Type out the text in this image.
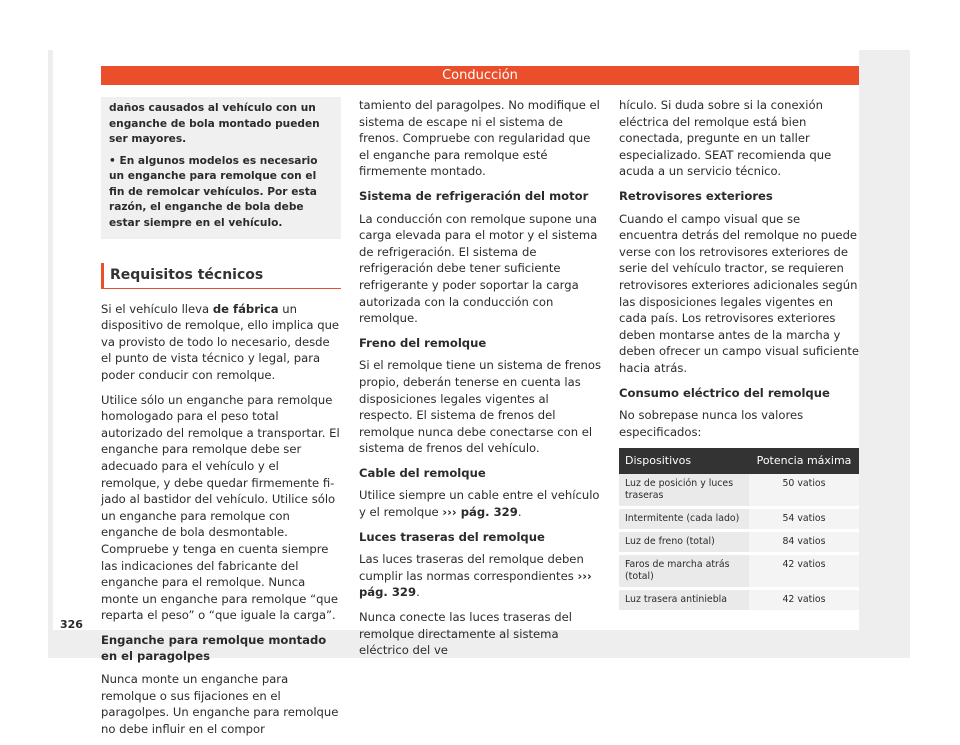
Conducción

daños causados al vehículo con un enganche de bola montado pueden ser mayores.

• En algunos modelos es necesario un enganche para remolque con el fin de remolcar vehículos. Por esta razón, el enganche de bola debe estar siempre en el vehículo.

Requisitos técnicos

Si el vehículo lleva de fábrica un dispositivo de remolque, ello implica que va provisto de todo lo necesario, desde el punto de vista técnico y legal, para poder conducir con remolque.

Utilice sólo un enganche para remolque homologado para el peso total autorizado del remolque a transportar. El enganche para remolque debe ser adecuado para el vehículo y el remolque, y debe quedar firmemente fijado al bastidor del vehículo. Utilice sólo un enganche para remolque con enganche de bola desmontable. Compruebe y tenga en cuenta siempre las indicaciones del fabricante del enganche para el remolque. Nunca monte un enganche para remolque “que reparta el peso” o “que iguale la carga”.

Enganche para remolque montado en el paragolpes

Nunca monte un enganche para remolque o sus fijaciones en el paragolpes. Un enganche para remolque no debe influir en el compor

tamiento del paragolpes. No modifique el sistema de escape ni el sistema de frenos. Compruebe con regularidad que el enganche para remolque esté firmemente montado.

Sistema de refrigeración del motor

La conducción con remolque supone una carga elevada para el motor y el sistema de refrigeración. El sistema de refrigeración debe tener suficiente refrigerante y poder soportar la carga autorizada con la conducción con remolque.

Freno del remolque

Si el remolque tiene un sistema de frenos propio, deberán tenerse en cuenta las disposiciones legales vigentes al respecto. El sistema de frenos del remolque nunca debe conectarse con el sistema de frenos del vehículo.

Cable del remolque

Utilice siempre un cable entre el vehículo y el remolque ››› pág. 329.

Luces traseras del remolque

Las luces traseras del remolque deben cumplir las normas correspondientes ››› pág. 329.

Nunca conecte las luces traseras del remolque directamente al sistema eléctrico del ve

hículo. Si duda sobre si la conexión eléctrica del remolque está bien conectada, pregunte en un taller especializado. SEAT recomienda que acuda a un servicio técnico.

Retrovisores exteriores

Cuando el campo visual que se encuentra detrás del remolque no puede verse con los retrovisores exteriores de serie del vehículo tractor, se requieren retrovisores exteriores adicionales según las disposiciones legales vigentes en cada país. Los retrovisores exteriores deben montarse antes de la marcha y deben ofrecer un campo visual suficiente hacia atrás.

Consumo eléctrico del remolque

No sobrepase nunca los valores especificados:

Dispositivos	Potencia máxima
Luz de posición y luces traseras	50 vatios
Intermitente (cada lado)	54 vatios
Luz de freno (total)	84 vatios
Faros de marcha atrás (total)	42 vatios
Luz trasera antiniebla	42 vatios
326
